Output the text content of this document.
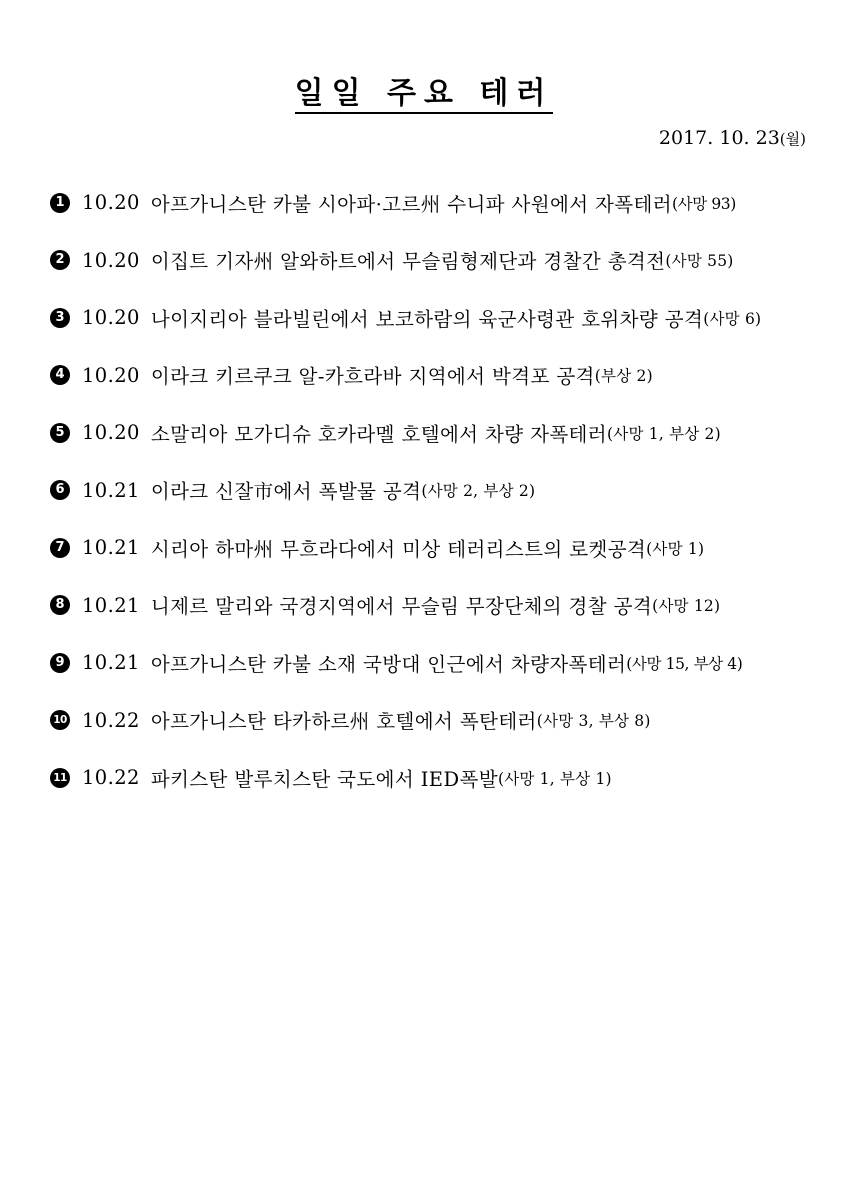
일일 주요 테러
2017. 10. 23(월)
1 10.20 아프가니스탄 카불 시아파·고르州 수니파 사원에서 자폭테러 (사망 93)
2 10.20 이집트 기자州 알와하트에서 무슬림형제단과 경찰간 총격전 (사망 55)
3 10.20 나이지리아 블라빌린에서 보코하람의 육군사령관 호위차량 공격 (사망 6)
4 10.20 이라크 키르쿠크 알-카흐라바 지역에서 박격포 공격 (부상 2)
5 10.20 소말리아 모가디슈 호카라멜 호텔에서 차량 자폭테러 (사망 1, 부상 2)
6 10.21 이라크 신잘市에서 폭발물 공격 (사망 2, 부상 2)
7 10.21 시리아 하마州 무흐라다에서 미상 테러리스트의 로켓공격 (사망 1)
8 10.21 니제르 말리와 국경지역에서 무슬림 무장단체의 경찰 공격 (사망 12)
9 10.21 아프가니스탄 카불 소재 국방대 인근에서 차량자폭테러 (사망 15, 부상 4)
10 10.22 아프가니스탄 타카하르州 호텔에서 폭탄테러 (사망 3, 부상 8)
11 10.22 파키스탄 발루치스탄 국도에서 IED폭발 (사망 1, 부상 1)
